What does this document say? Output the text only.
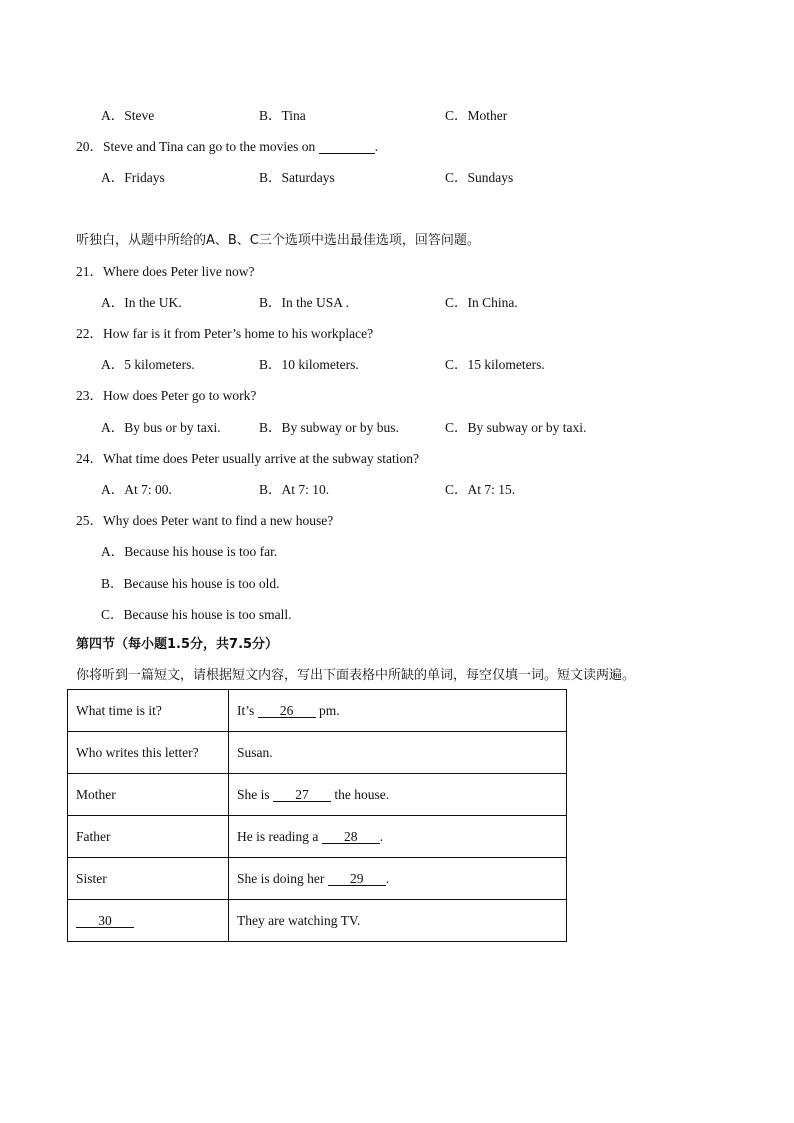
A．Steve	B．Tina	C．Mother
20．Steve and Tina can go to the movies on	.
A．Fridays	B．Saturdays	C．Sundays
听独白，从题中所给的A、B、C三个选项中选出最佳选项，回答问题。
21．Where does Peter live now?
A．In the UK.	B．In the USA .	C．In China.
22．How far is it from Peter’s home to his workplace?
A．5 kilometers.	B．10 kilometers.	C．15 kilometers.
23．How does Peter go to work?
A．By bus or by taxi.	B．By subway or by bus.	C．By subway or by taxi.
24．What time does Peter usually arrive at the subway station?
A．At 7: 00.	B．At 7: 10.	C．At 7: 15.
25．Why does Peter want to find a new house?
A．Because his house is too far.
B．Because his house is too old.
C．Because his house is too small.
第四节（每小题1.5分，共7.5分）
你将听到一篇短文，请根据短文内容，写出下面表格中所缺的单词，每空仅填一词。短文读两遍。
What time is it?	It’s 26 pm.
Who writes this letter?	Susan.
Mother	She is 27 the house.
Father	He is reading a 28 .
Sister	She is doing her 29 .
30	They are watching TV.
